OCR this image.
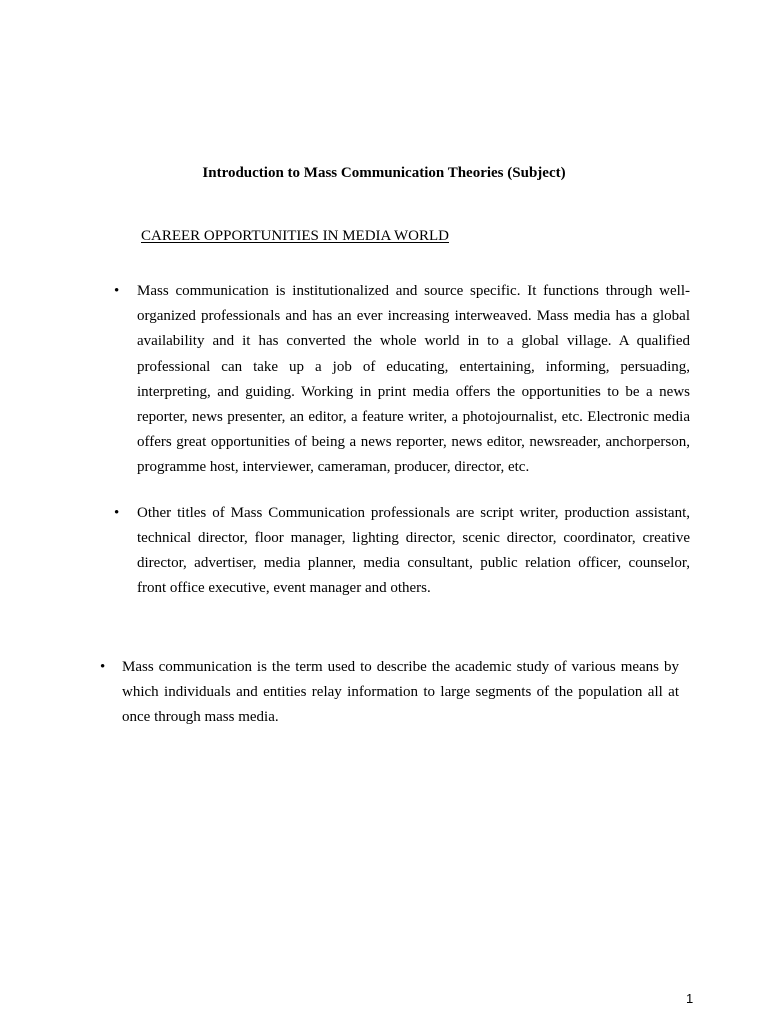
Introduction to Mass Communication Theories (Subject)
CAREER OPPORTUNITIES IN MEDIA WORLD
• Mass communication is institutionalized and source specific. It functions through well-organized professionals and has an ever increasing interweaved. Mass media has a global availability and it has converted the whole world in to a global village. A qualified professional can take up a job of educating, entertaining, informing, persuading, interpreting, and guiding. Working in print media offers the opportunities to be a news reporter, news presenter, an editor, a feature writer, a photojournalist, etc. Electronic media offers great opportunities of being a news reporter, news editor, newsreader, anchorperson, programme host, interviewer, cameraman, producer, director, etc.
• Other titles of Mass Communication professionals are script writer, production assistant, technical director, floor manager, lighting director, scenic director, coordinator, creative director, advertiser, media planner, media consultant, public relation officer, counselor, front office executive, event manager and others.
• Mass communication is the term used to describe the academic study of various means by which individuals and entities relay information to large segments of the population all at once through mass media.

1
